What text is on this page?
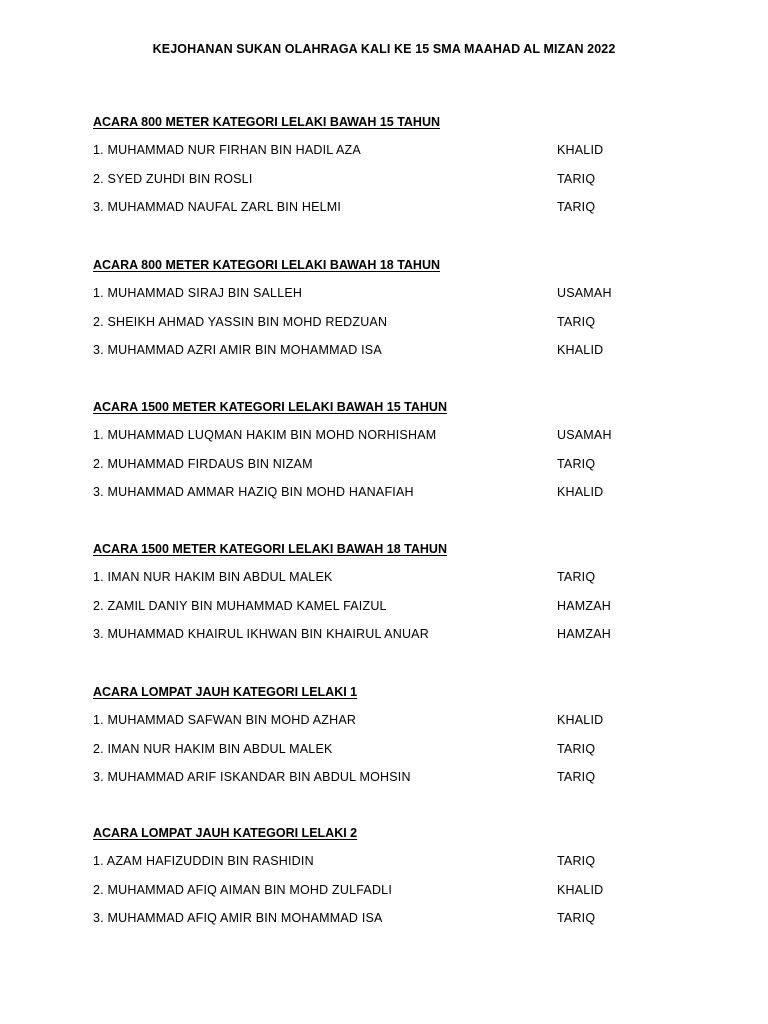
KEJOHANAN SUKAN OLAHRAGA KALI KE 15 SMA MAAHAD AL MIZAN 2022
ACARA 800 METER KATEGORI LELAKI BAWAH 15 TAHUN
1. MUHAMMAD NUR FIRHAN BIN HADIL AZA	KHALID
2. SYED ZUHDI BIN ROSLI	TARIQ
3. MUHAMMAD NAUFAL ZARL BIN HELMI	TARIQ
ACARA 800 METER KATEGORI LELAKI BAWAH 18 TAHUN
1. MUHAMMAD SIRAJ BIN SALLEH	USAMAH
2. SHEIKH AHMAD YASSIN BIN MOHD REDZUAN	TARIQ
3. MUHAMMAD AZRI AMIR BIN MOHAMMAD ISA	KHALID
ACARA 1500 METER KATEGORI LELAKI BAWAH 15 TAHUN
1. MUHAMMAD LUQMAN HAKIM BIN MOHD NORHISHAM	USAMAH
2. MUHAMMAD FIRDAUS BIN NIZAM	TARIQ
3. MUHAMMAD AMMAR HAZIQ BIN MOHD HANAFIAH	KHALID
ACARA 1500 METER KATEGORI LELAKI BAWAH 18 TAHUN
1. IMAN NUR HAKIM BIN ABDUL MALEK	TARIQ
2. ZAMIL DANIY BIN MUHAMMAD KAMEL FAIZUL	HAMZAH
3. MUHAMMAD KHAIRUL IKHWAN BIN KHAIRUL ANUAR	HAMZAH
ACARA LOMPAT JAUH KATEGORI LELAKI 1
1. MUHAMMAD SAFWAN BIN MOHD AZHAR	KHALID
2. IMAN NUR HAKIM BIN ABDUL MALEK	TARIQ
3. MUHAMMAD ARIF ISKANDAR BIN ABDUL MOHSIN	TARIQ
ACARA LOMPAT JAUH KATEGORI LELAKI 2
1. AZAM HAFIZUDDIN BIN RASHIDIN	TARIQ
2. MUHAMMAD AFIQ AIMAN BIN MOHD ZULFADLI	KHALID
3. MUHAMMAD AFIQ AMIR BIN MOHAMMAD ISA	TARIQ
